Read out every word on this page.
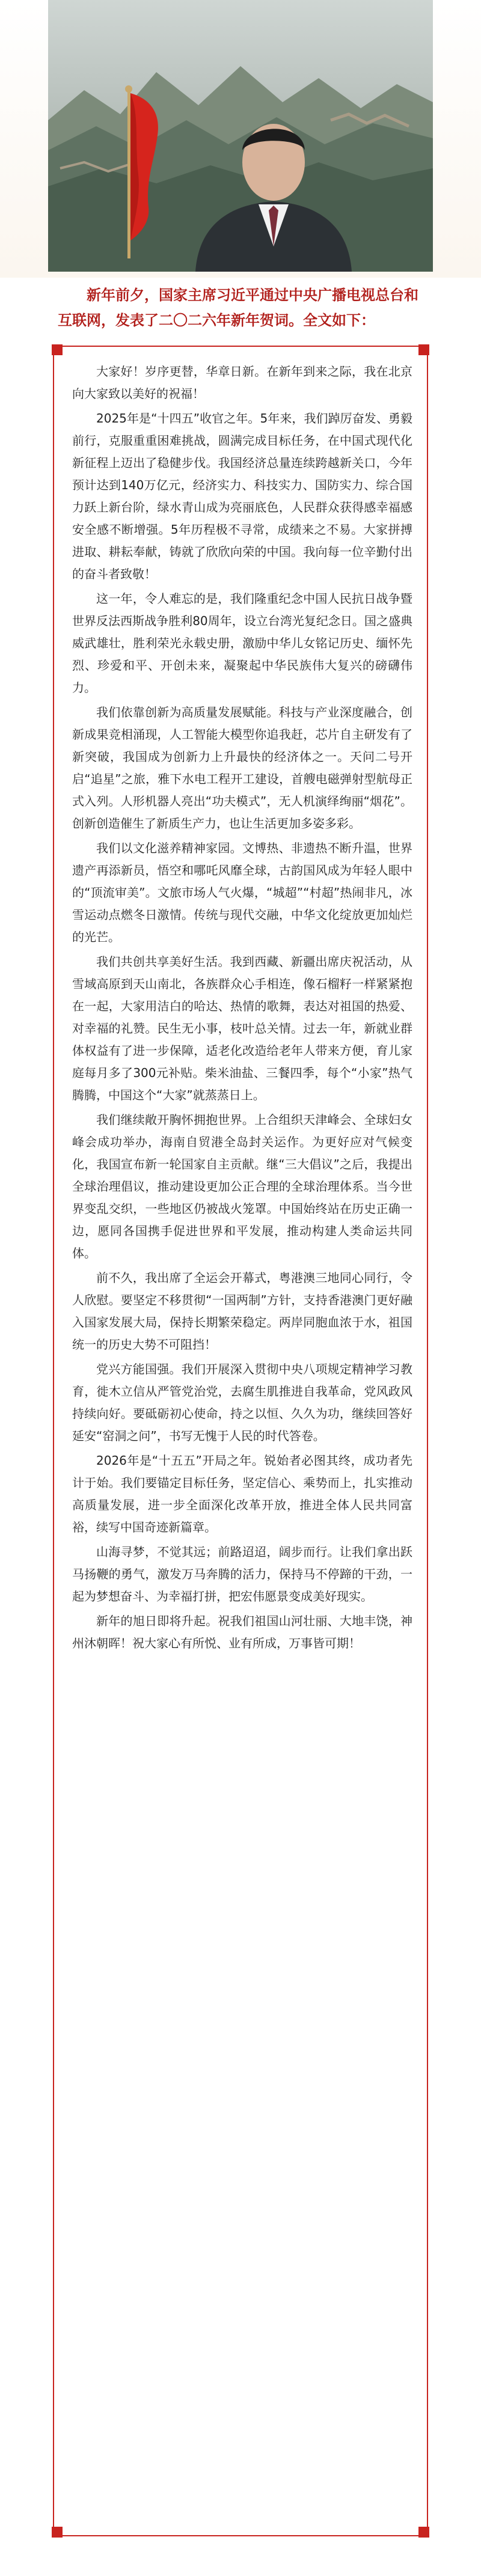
新年前夕，国家主席习近平通过中央广播电视总台和互联网，发表了二〇二六年新年贺词。全文如下：

大家好！岁序更替，华章日新。在新年到来之际，我在北京向大家致以美好的祝福！

2025年是“十四五”收官之年。5年来，我们踔厉奋发、勇毅前行，克服重重困难挑战，圆满完成目标任务，在中国式现代化新征程上迈出了稳健步伐。我国经济总量连续跨越新关口，今年预计达到140万亿元，经济实力、科技实力、国防实力、综合国力跃上新台阶，绿水青山成为亮丽底色，人民群众获得感幸福感安全感不断增强。5年历程极不寻常，成绩来之不易。大家拼搏进取、耕耘奉献，铸就了欣欣向荣的中国。我向每一位辛勤付出的奋斗者致敬！

这一年，令人难忘的是，我们隆重纪念中国人民抗日战争暨世界反法西斯战争胜利80周年，设立台湾光复纪念日。国之盛典威武雄壮，胜利荣光永载史册，激励中华儿女铭记历史、缅怀先烈、珍爱和平、开创未来，凝聚起中华民族伟大复兴的磅礴伟力。

我们依靠创新为高质量发展赋能。科技与产业深度融合，创新成果竞相涌现，人工智能大模型你追我赶，芯片自主研发有了新突破，我国成为创新力上升最快的经济体之一。天问二号开启“追星”之旅，雅下水电工程开工建设，首艘电磁弹射型航母正式入列。人形机器人亮出“功夫模式”，无人机演绎绚丽“烟花”。创新创造催生了新质生产力，也让生活更加多姿多彩。

我们以文化滋养精神家园。文博热、非遗热不断升温，世界遗产再添新员，悟空和哪吒风靡全球，古韵国风成为年轻人眼中的“顶流审美”。文旅市场人气火爆，“城超”“村超”热闹非凡，冰雪运动点燃冬日激情。传统与现代交融，中华文化绽放更加灿烂的光芒。

我们共创共享美好生活。我到西藏、新疆出席庆祝活动，从雪域高原到天山南北，各族群众心手相连，像石榴籽一样紧紧抱在一起，大家用洁白的哈达、热情的歌舞，表达对祖国的热爱、对幸福的礼赞。民生无小事，枝叶总关情。过去一年，新就业群体权益有了进一步保障，适老化改造给老年人带来方便，育儿家庭每月多了300元补贴。柴米油盐、三餐四季，每个“小家”热气腾腾，中国这个“大家”就蒸蒸日上。

我们继续敞开胸怀拥抱世界。上合组织天津峰会、全球妇女峰会成功举办，海南自贸港全岛封关运作。为更好应对气候变化，我国宣布新一轮国家自主贡献。继“三大倡议”之后，我提出全球治理倡议，推动建设更加公正合理的全球治理体系。当今世界变乱交织，一些地区仍被战火笼罩。中国始终站在历史正确一边，愿同各国携手促进世界和平发展，推动构建人类命运共同体。

前不久，我出席了全运会开幕式，粤港澳三地同心同行，令人欣慰。要坚定不移贯彻“一国两制”方针，支持香港澳门更好融入国家发展大局，保持长期繁荣稳定。两岸同胞血浓于水，祖国统一的历史大势不可阻挡！

党兴方能国强。我们开展深入贯彻中央八项规定精神学习教育，徙木立信从严管党治党，去腐生肌推进自我革命，党风政风持续向好。要砥砺初心使命，持之以恒、久久为功，继续回答好延安“窑洞之问”，书写无愧于人民的时代答卷。

2026年是“十五五”开局之年。锐始者必图其终，成功者先计于始。我们要锚定目标任务，坚定信心、乘势而上，扎实推动高质量发展，进一步全面深化改革开放，推进全体人民共同富裕，续写中国奇迹新篇章。

山海寻梦，不觉其远；前路迢迢，阔步而行。让我们拿出跃马扬鞭的勇气，激发万马奔腾的活力，保持马不停蹄的干劲，一起为梦想奋斗、为幸福打拼，把宏伟愿景变成美好现实。

新年的旭日即将升起。祝我们祖国山河壮丽、大地丰饶，神州沐朝晖！祝大家心有所悦、业有所成，万事皆可期！
